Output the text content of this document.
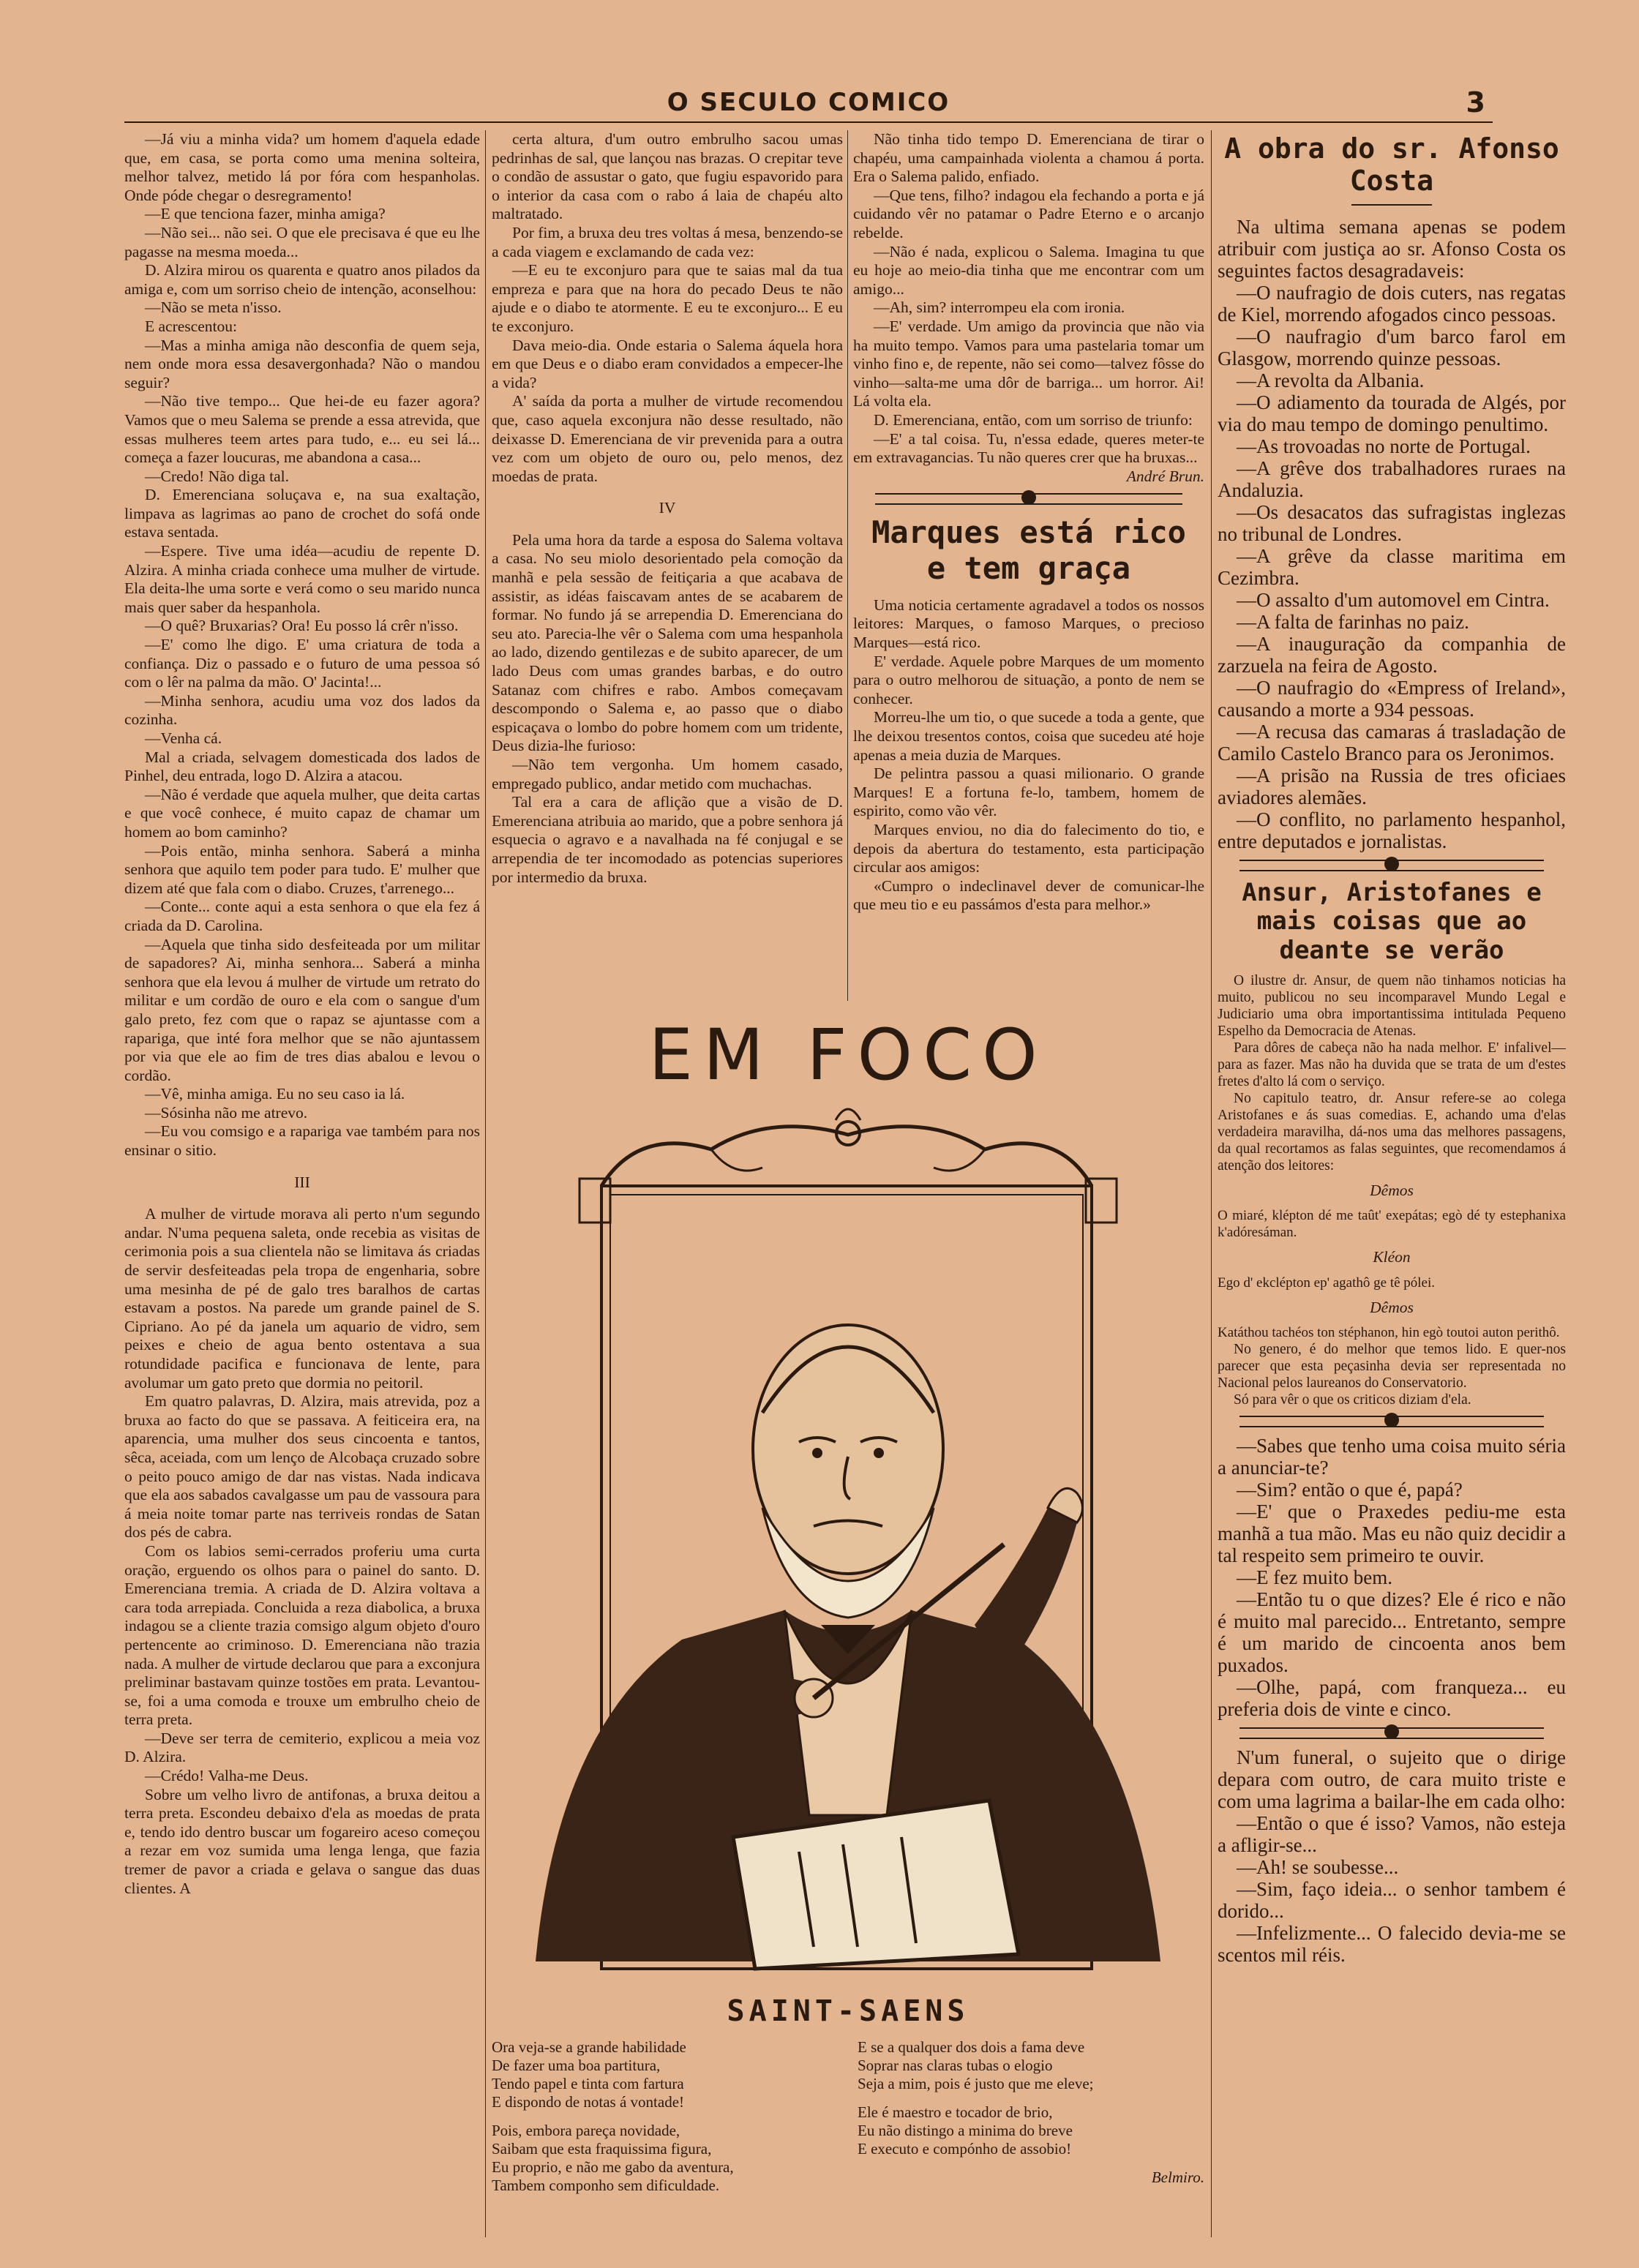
O SECULO COMICO	3

—Já viu a minha vida? um homem d'aquela edade que, em casa, se porta como uma menina solteira, melhor talvez, metido lá por fóra com hespanholas. Onde póde chegar o desregramento!

—E que tenciona fazer, minha amiga?

—Não sei... não sei. O que ele precisava é que eu lhe pagasse na mesma moeda...

D. Alzira mirou os quarenta e quatro anos pilados da amiga e, com um sorriso cheio de intenção, aconselhou:

—Não se meta n'isso.

E acrescentou:

—Mas a minha amiga não desconfia de quem seja, nem onde mora essa desavergonhada? Não o mandou seguir?

—Não tive tempo... Que hei-de eu fazer agora? Vamos que o meu Salema se prende a essa atrevida, que essas mulheres teem artes para tudo, e... eu sei lá... começa a fazer loucuras, me abandona a casa...

—Credo! Não diga tal.

D. Emerenciana soluçava e, na sua exaltação, limpava as lagrimas ao pano de crochet do sofá onde estava sentada.

—Espere. Tive uma idéa—acudiu de repente D. Alzira. A minha criada conhece uma mulher de virtude. Ela deita-lhe uma sorte e verá como o seu marido nunca mais quer saber da hespanhola.

—O quê? Bruxarias? Ora! Eu posso lá crêr n'isso.

—E' como lhe digo. E' uma criatura de toda a confiança. Diz o passado e o futuro de uma pessoa só com o lêr na palma da mão. O' Jacinta!...

—Minha senhora, acudiu uma voz dos lados da cozinha.

—Venha cá.

Mal a criada, selvagem domesticada dos lados de Pinhel, deu entrada, logo D. Alzira a atacou.

—Não é verdade que aquela mulher, que deita cartas e que você conhece, é muito capaz de chamar um homem ao bom caminho?

—Pois então, minha senhora. Saberá a minha senhora que aquilo tem poder para tudo. E' mulher que dizem até que fala com o diabo. Cruzes, t'arrenego...

—Conte... conte aqui a esta senhora o que ela fez á criada da D. Carolina.

—Aquela que tinha sido desfeiteada por um militar de sapadores? Ai, minha senhora... Saberá a minha senhora que ela levou á mulher de virtude um retrato do militar e um cordão de ouro e ela com o sangue d'um galo preto, fez com que o rapaz se ajuntasse com a rapariga, que inté fora melhor que se não ajuntassem por via que ele ao fim de tres dias abalou e levou o cordão.

—Vê, minha amiga. Eu no seu caso ia lá.

—Sósinha não me atrevo.

—Eu vou comsigo e a rapariga vae também para nos ensinar o sitio.

III

A mulher de virtude morava ali perto n'um segundo andar. N'uma pequena saleta, onde recebia as visitas de cerimonia pois a sua clientela não se limitava ás criadas de servir desfeiteadas pela tropa de engenharia, sobre uma mesinha de pé de galo tres baralhos de cartas estavam a postos. Na parede um grande painel de S. Cipriano. Ao pé da janela um aquario de vidro, sem peixes e cheio de agua bento ostentava a sua rotundidade pacifica e funcionava de lente, para avolumar um gato preto que dormia no peitoril.

Em quatro palavras, D. Alzira, mais atrevida, poz a bruxa ao facto do que se passava. A feiticeira era, na aparencia, uma mulher dos seus cincoenta e tantos, sêca, aceiada, com um lenço de Alcobaça cruzado sobre o peito pouco amigo de dar nas vistas. Nada indicava que ela aos sabados cavalgasse um pau de vassoura para á meia noite tomar parte nas terriveis rondas de Satan dos pés de cabra.

Com os labios semi-cerrados proferiu uma curta oração, erguendo os olhos para o painel do santo. D. Emerenciana tremia. A criada de D. Alzira voltava a cara toda arrepiada. Concluida a reza diabolica, a bruxa indagou se a cliente trazia comsigo algum objeto d'ouro pertencente ao criminoso. D. Emerenciana não trazia nada. A mulher de virtude declarou que para a exconjura preliminar bastavam quinze tostões em prata. Levantou-se, foi a uma comoda e trouxe um embrulho cheio de terra preta.

—Deve ser terra de cemiterio, explicou a meia voz D. Alzira.

—Crédo! Valha-me Deus.

Sobre um velho livro de antifonas, a bruxa deitou a terra preta. Escondeu debaixo d'ela as moedas de prata e, tendo ido dentro buscar um fogareiro aceso começou a rezar em voz sumida uma lenga lenga, que fazia tremer de pavor a criada e gelava o sangue das duas clientes. A

certa altura, d'um outro embrulho sacou umas pedrinhas de sal, que lançou nas brazas. O crepitar teve o condão de assustar o gato, que fugiu espavorido para o interior da casa com o rabo á laia de chapéu alto maltratado.

Por fim, a bruxa deu tres voltas á mesa, benzendo-se a cada viagem e exclamando de cada vez:

—E eu te exconjuro para que te saias mal da tua empreza e para que na hora do pecado Deus te não ajude e o diabo te atormente. E eu te exconjuro... E eu te exconjuro.

Dava meio-dia. Onde estaria o Salema áquela hora em que Deus e o diabo eram convidados a empecer-lhe a vida?

A' saída da porta a mulher de virtude recomendou que, caso aquela exconjura não desse resultado, não deixasse D. Emerenciana de vir prevenida para a outra vez com um objeto de ouro ou, pelo menos, dez moedas de prata.

IV

Pela uma hora da tarde a esposa do Salema voltava a casa. No seu miolo desorientado pela comoção da manhã e pela sessão de feitiçaria a que acabava de assistir, as idéas faiscavam antes de se acabarem de formar. No fundo já se arrependia D. Emerenciana do seu ato. Parecia-lhe vêr o Salema com uma hespanhola ao lado, dizendo gentilezas e de subito aparecer, de um lado Deus com umas grandes barbas, e do outro Satanaz com chifres e rabo. Ambos começavam descompondo o Salema e, ao passo que o diabo espicaçava o lombo do pobre homem com um tridente, Deus dizia-lhe furioso:

—Não tem vergonha. Um homem casado, empregado publico, andar metido com muchachas.

Tal era a cara de aflição que a visão de D. Emerenciana atribuia ao marido, que a pobre senhora já esquecia o agravo e a navalhada na fé conjugal e se arrependia de ter incomodado as potencias superiores por intermedio da bruxa.

Não tinha tido tempo D. Emerenciana de tirar o chapéu, uma campainhada violenta a chamou á porta. Era o Salema palido, enfiado.

—Que tens, filho? indagou ela fechando a porta e já cuidando vêr no patamar o Padre Eterno e o arcanjo rebelde.

—Não é nada, explicou o Salema. Imagina tu que eu hoje ao meio-dia tinha que me encontrar com um amigo...

—Ah, sim? interrompeu ela com ironia.

—E' verdade. Um amigo da provincia que não via ha muito tempo. Vamos para uma pastelaria tomar um vinho fino e, de repente, não sei como—talvez fôsse do vinho—salta-me uma dôr de barriga... um horror. Ai! Lá volta ela.

D. Emerenciana, então, com um sorriso de triunfo:

—E' a tal coisa. Tu, n'essa edade, queres meter-te em extravagancias. Tu não queres crer que ha bruxas...

André Brun.

Marques está rico e tem graça

Uma noticia certamente agradavel a todos os nossos leitores: Marques, o famoso Marques, o precioso Marques—está rico.

E' verdade. Aquele pobre Marques de um momento para o outro melhorou de situação, a ponto de nem se conhecer.

Morreu-lhe um tio, o que sucede a toda a gente, que lhe deixou tresentos contos, coisa que sucedeu até hoje apenas a meia duzia de Marques.

De pelintra passou a quasi milionario. O grande Marques! E a fortuna fe-lo, tambem, homem de espirito, como vão vêr.

Marques enviou, no dia do falecimento do tio, e depois da abertura do testamento, esta participação circular aos amigos:

«Cumpro o indeclinavel dever de comunicar-lhe que meu tio e eu passámos d'esta para melhor.»

A obra do sr. Afonso Costa

Na ultima semana apenas se podem atribuir com justiça ao sr. Afonso Costa os seguintes factos desagradaveis:

—O naufragio de dois cuters, nas regatas de Kiel, morrendo afogados cinco pessoas.

—O naufragio d'um barco farol em Glasgow, morrendo quinze pessoas.

—A revolta da Albania.

—O adiamento da tourada de Algés, por via do mau tempo de domingo penultimo.

—As trovoadas no norte de Portugal.

—A grêve dos trabalhadores ruraes na Andaluzia.

—Os desacatos das sufragistas inglezas no tribunal de Londres.

—A grêve da classe maritima em Cezimbra.

—O assalto d'um automovel em Cintra.

—A falta de farinhas no paiz.

—A inauguração da companhia de zarzuela na feira de Agosto.

—O naufragio do «Empress of Ireland», causando a morte a 934 pessoas.

—A recusa das camaras á trasladação de Camilo Castelo Branco para os Jeronimos.

—A prisão na Russia de tres oficiaes aviadores alemães.

—O conflito, no parlamento hespanhol, entre deputados e jornalistas.

Ansur, Aristofanes e mais coisas que ao deante se verão

O ilustre dr. Ansur, de quem não tinhamos noticias ha muito, publicou no seu incomparavel Mundo Legal e Judiciario uma obra importantissima intitulada Pequeno Espelho da Democracia de Atenas.

Para dôres de cabeça não ha nada melhor. E' infalivel—para as fazer. Mas não ha duvida que se trata de um d'estes fretes d'alto lá com o serviço.

No capitulo teatro, dr. Ansur refere-se ao colega Aristofanes e ás suas comedias. E, achando uma d'elas verdadeira maravilha, dá-nos uma das melhores passagens, da qual recortamos as falas seguintes, que recomendamos á atenção dos leitores:

Dêmos

O miaré, klépton dé me taût' exepátas; egò dé ty estephanixa k'adóresáman.

Kléon

Ego d' ekclépton ep' agathô ge tê pólei.

Dêmos

Katáthou tachéos ton stéphanon, hin egò toutoi auton perithô.

No genero, é do melhor que temos lido. E quer-nos parecer que esta peçasinha devia ser representada no Nacional pelos laureanos do Conservatorio.

Só para vêr o que os criticos diziam d'ela.

—Sabes que tenho uma coisa muito séria a anunciar-te?

—Sim? então o que é, papá?

—E' que o Praxedes pediu-me esta manhã a tua mão. Mas eu não quiz decidir a tal respeito sem primeiro te ouvir.

—E fez muito bem.

—Então tu o que dizes? Ele é rico e não é muito mal parecido... Entretanto, sempre é um marido de cincoenta anos bem puxados.

—Olhe, papá, com franqueza... eu preferia dois de vinte e cinco.

N'um funeral, o sujeito que o dirige depara com outro, de cara muito triste e com uma lagrima a bailar-lhe em cada olho:

—Então o que é isso? Vamos, não esteja a afligir-se...

—Ah! se soubesse...

—Sim, faço ideia... o senhor tambem é dorido...

—Infelizmente... O falecido deviа-me se scentos mil réis.

EM FOCO
SAINT-SAENS

Ora veja-se a grande habilidade
De fazer uma boa partitura,
Tendo papel e tinta com fartura
E dispondo de notas á vontade!

Pois, embora pareça novidade,
Saibam que esta fraquissima figura,
Eu proprio, e não me gabo da aventura,
Tambem componho sem dificuldade.

E se a qualquer dos dois a fama deve
Soprar nas claras tubas o elogio
Seja a mim, pois é justo que me eleve;

Ele é maestro e tocador de brio,
Eu não distingo a minima do breve
E executo e compónho de assobio!

Belmiro.
